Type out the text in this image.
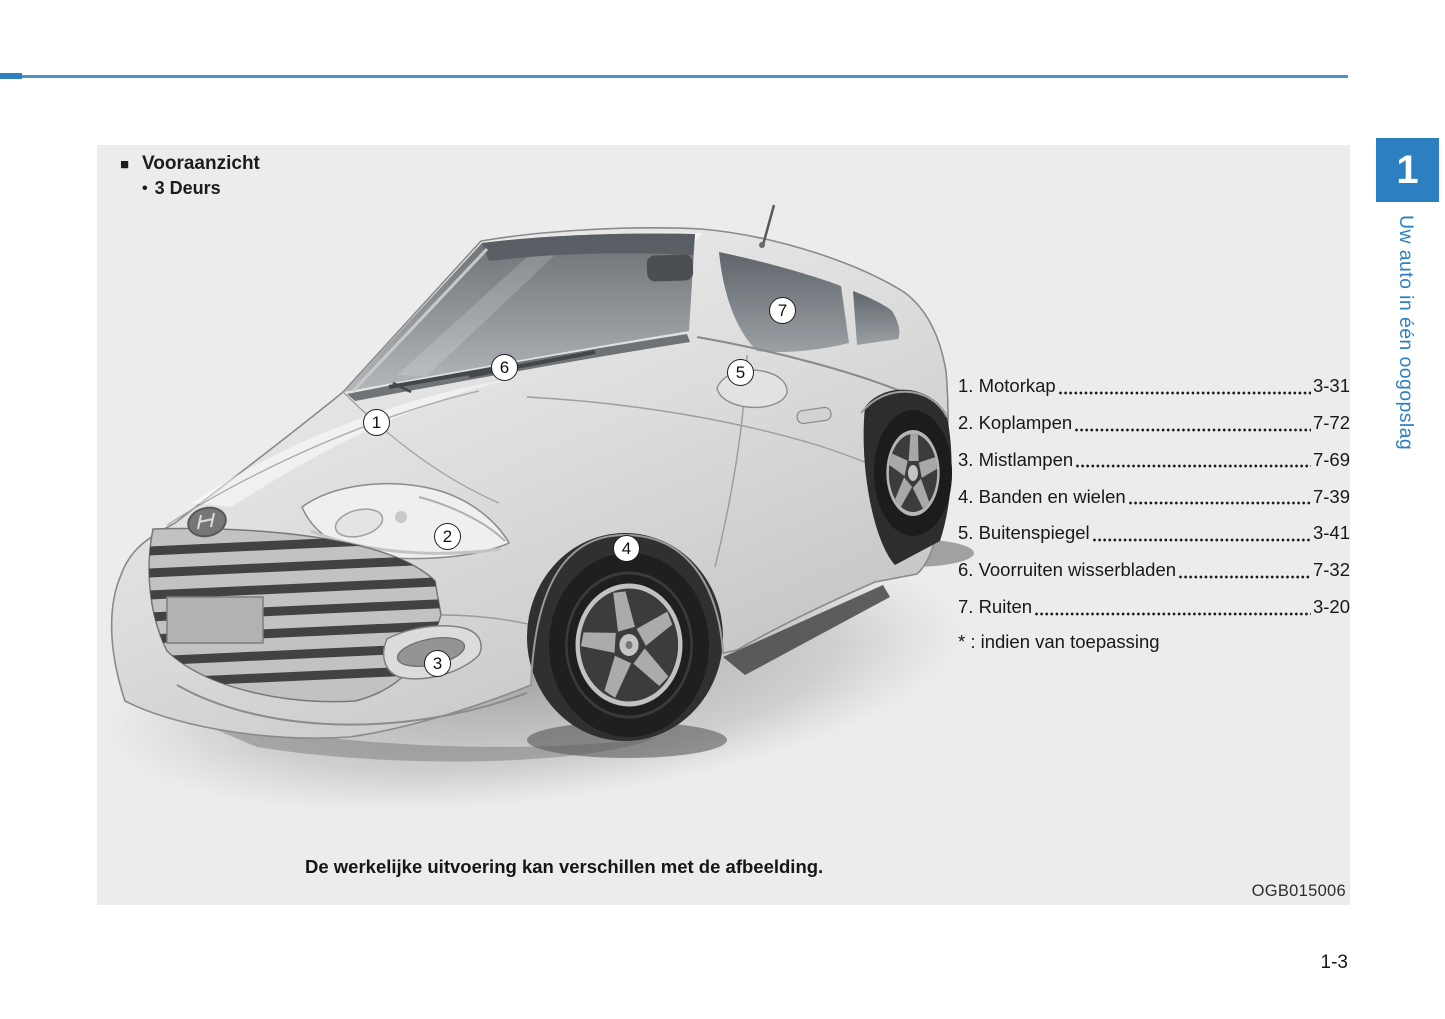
■ Vooraanzicht
• 3 Deurs
1
2
3
4
5
6
7
De werkelijke uitvoering kan verschillen met de afbeelding.
OGB015006
1. Motorkap	3-31
2. Koplampen	7-72
3. Mistlampen	7-69
4. Banden en wielen	7-39
5. Buitenspiegel	3-41
6. Voorruiten wisserbladen	7-32
7. Ruiten	3-20
* : indien van toepassing
1
Uw auto in één oogopslag
1-3
